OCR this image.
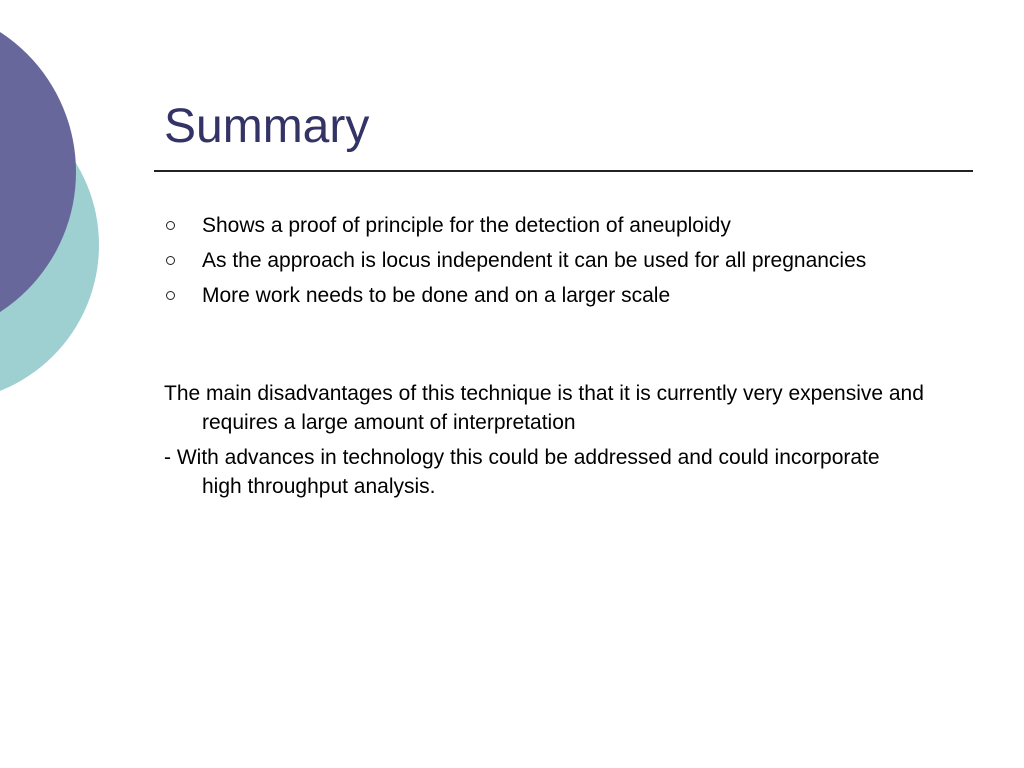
Summary
Shows a proof of principle for the detection of aneuploidy
As the approach is locus independent it can be used for all pregnancies
More work needs to be done and on a larger scale

The main disadvantages of this technique is that it is currently very expensive and requires a large amount of interpretation

- With advances in technology this could be addressed and could incorporate high throughput analysis.
